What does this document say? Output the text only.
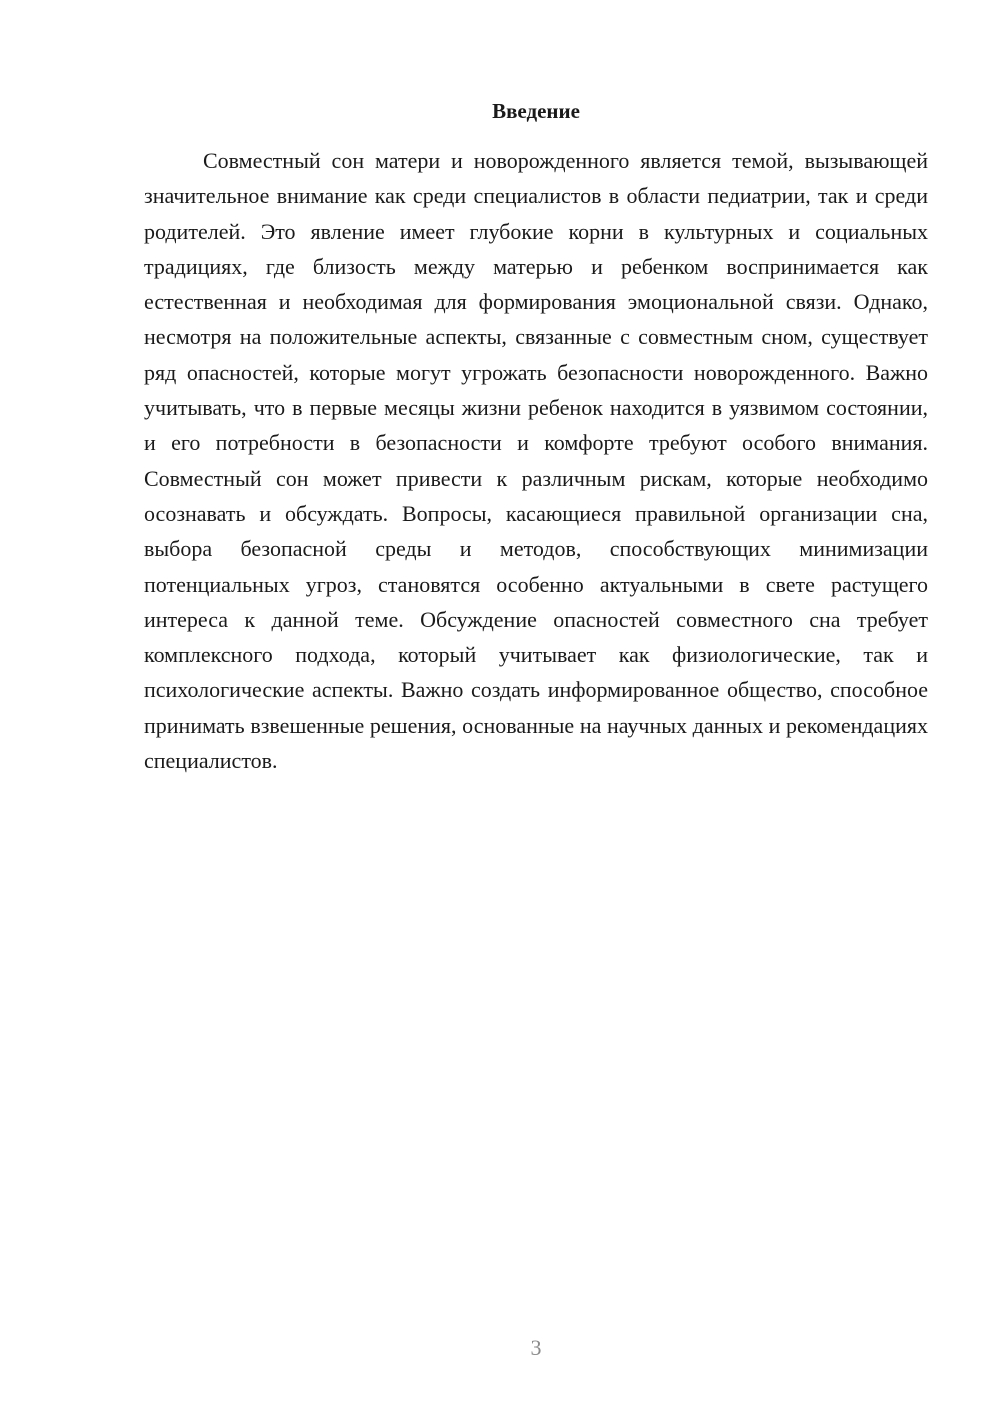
Введение

Совместный сон матери и новорожденного является темой, вызывающей значительное внимание как среди специалистов в области педиатрии, так и среди родителей. Это явление имеет глубокие корни в культурных и социальных традициях, где близость между матерью и ребенком воспринимается как естественная и необходимая для формирования эмоциональной связи. Однако, несмотря на положительные аспекты, связанные с совместным сном, существует ряд опасностей, которые могут угрожать безопасности новорожденного. Важно учитывать, что в первые месяцы жизни ребенок находится в уязвимом состоянии, и его потребности в безопасности и комфорте требуют особого внимания. Совместный сон может привести к различным рискам, которые необходимо осознавать и обсуждать. Вопросы, касающиеся правильной организации сна, выбора безопасной среды и методов, способствующих минимизации потенциальных угроз, становятся особенно актуальными в свете растущего интереса к данной теме. Обсуждение опасностей совместного сна требует комплексного подхода, который учитывает как физиологические, так и психологические аспекты. Важно создать информированное общество, способное принимать взвешенные решения, основанные на научных данных и рекомендациях специалистов.

3
